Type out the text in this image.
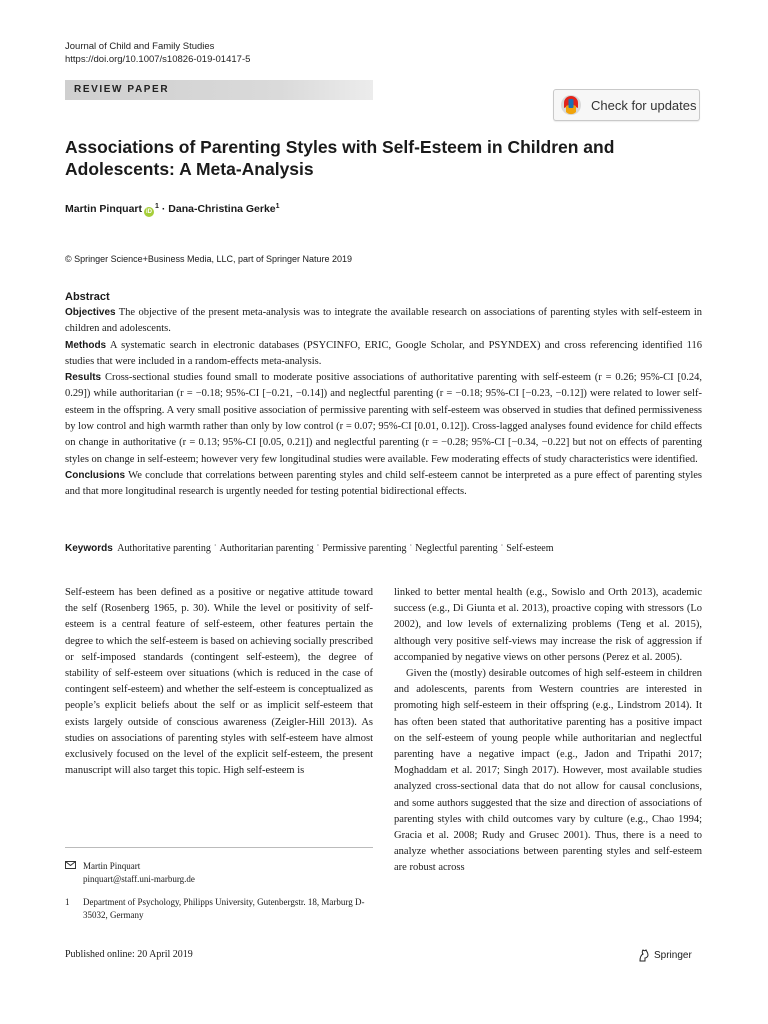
Journal of Child and Family Studies
https://doi.org/10.1007/s10826-019-01417-5
REVIEW PAPER
Check for updates
Associations of Parenting Styles with Self-Esteem in Children and Adolescents: A Meta-Analysis
Martin Pinquart iD$^1$ · Dana-Christina Gerke$^1$
© Springer Science+Business Media, LLC, part of Springer Nature 2019
Abstract

Objectives The objective of the present meta-analysis was to integrate the available research on associations of parenting styles with self-esteem in children and adolescents.

Methods A systematic search in electronic databases (PSYCINFO, ERIC, Google Scholar, and PSYNDEX) and cross referencing identified 116 studies that were included in a random-effects meta-analysis.

Results Cross-sectional studies found small to moderate positive associations of authoritative parenting with self-esteem (r = 0.26; 95%-CI [0.24, 0.29]) while authoritarian (r = −0.18; 95%-CI [−0.21, −0.14]) and neglectful parenting (r = −0.18; 95%-CI [−0.23, −0.12]) were related to lower self-esteem in the offspring. A very small positive association of permissive parenting with self-esteem was observed in studies that defined permissiveness by low control and high warmth rather than only by low control (r = 0.07; 95%-CI [0.01, 0.12]). Cross-lagged analyses found evidence for child effects on change in authoritative (r = 0.13; 95%-CI [0.05, 0.21]) and neglectful parenting (r = −0.28; 95%-CI [−0.34, −0.22] but not on effects of parenting styles on change in self-esteem; however very few longitudinal studies were available. Few moderating effects of study characteristics were identified.

Conclusions We conclude that correlations between parenting styles and child self-esteem cannot be interpreted as a pure effect of parenting styles and that more longitudinal research is urgently needed for testing potential bidirectional effects.

Keywords Authoritative parenting · Authoritarian parenting · Permissive parenting · Neglectful parenting · Self-esteem

Self-esteem has been defined as a positive or negative attitude toward the self (Rosenberg 1965, p. 30). While the level or positivity of self-esteem is a central feature of self-esteem, other features pertain the degree to which the self-esteem is based on achieving socially prescribed or self-imposed standards (contingent self-esteem), the degree of stability of self-esteem over situations (which is reduced in the case of contingent self-esteem) and whether the self-esteem is conceptualized as people’s explicit beliefs about the self or as implicit self-esteem that exists largely outside of conscious awareness (Zeigler-Hill 2013). As studies on associations of parenting styles with self-esteem have almost exclusively focused on the level of the explicit self-esteem, the present manuscript will also target this topic. High self-esteem is

linked to better mental health (e.g., Sowislo and Orth 2013), academic success (e.g., Di Giunta et al. 2013), proactive coping with stressors (Lo 2002), and low levels of externalizing problems (Teng et al. 2015), although very positive self-views may increase the risk of aggression if accompanied by negative views on other persons (Perez et al. 2005).

Given the (mostly) desirable outcomes of high self-esteem in children and adolescents, parents from Western countries are interested in promoting high self-esteem in their offspring (e.g., Lindstrom 2014). It has often been stated that authoritative parenting has a positive impact on the self-esteem of young people while authoritarian and neglectful parenting have a negative impact (e.g., Jadon and Tripathi 2017; Moghaddam et al. 2017; Singh 2017). However, most available studies analyzed cross-sectional data that do not allow for causal conclusions, and some authors suggested that the size and direction of associations of parenting styles with child outcomes vary by culture (e.g., Chao 1994; Gracia et al. 2008; Rudy and Grusec 2001). Thus, there is a need to analyze whether associations between parenting styles and self-esteem are robust across

Martin Pinquart
pinquart@staff.uni-marburg.de
1	Department of Psychology, Philipps University, Gutenbergstr. 18, Marburg D-35032, Germany
Published online: 20 April 2019	Springer
